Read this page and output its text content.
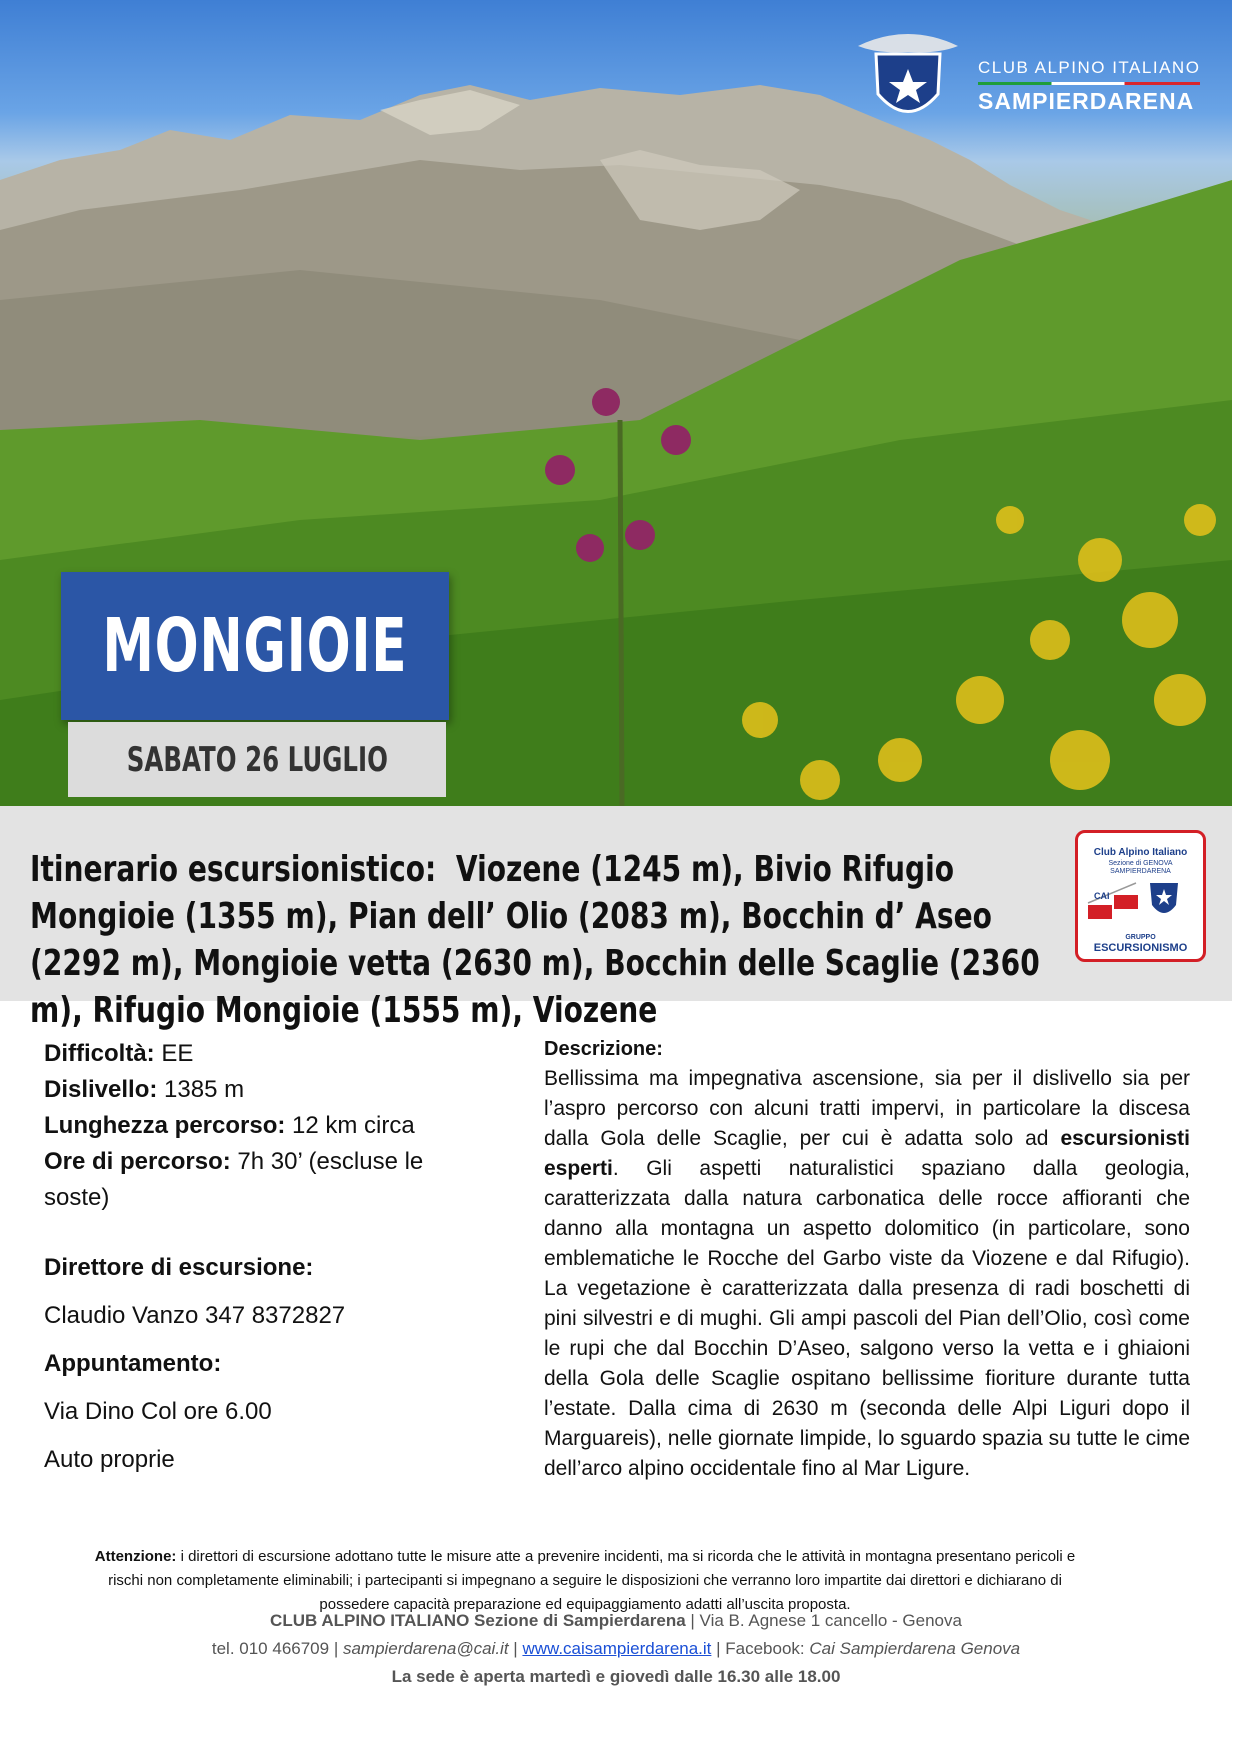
CLUB ALPINO ITALIANO
SAMPIERDARENA
MONGIOIE
SABATO 26 LUGLIO

Itinerario escursionistico: Viozene (1245 m), Bivio Rifugio Mongioie (1355 m), Pian dell’ Olio (2083 m), Bocchin d’ Aseo (2292 m), Mongioie vetta (2630 m), Bocchin delle Scaglie (2360 m), Rifugio Mongioie (1555 m), Viozene

Club Alpino Italiano
Sezione di GENOVA
SAMPIERDARENA
CAI
GRUPPO
ESCURSIONISMO
Difficoltà: EE
Dislivello: 1385 m
Lunghezza percorso: 12 km circa
Ore di percorso: 7h 30’ (escluse le soste)
Direttore di escursione:
Claudio Vanzo 347 8372827
Appuntamento:
Via Dino Col ore 6.00
Auto proprie

Descrizione:

Bellissima ma impegnativa ascensione, sia per il dislivello sia per l’aspro percorso con alcuni tratti impervi, in particolare la discesa dalla Gola delle Scaglie, per cui è adatta solo ad escursionisti esperti. Gli aspetti naturalistici spaziano dalla geologia, caratterizzata dalla natura carbonatica delle rocce affioranti che danno alla montagna un aspetto dolomitico (in particolare, sono emblematiche le Rocche del Garbo viste da Viozene e dal Rifugio). La vegetazione è caratterizzata dalla presenza di radi boschetti di pini silvestri e di mughi. Gli ampi pascoli del Pian dell’Olio, così come le rupi che dal Bocchin D’Aseo, salgono verso la vetta e i ghiaioni della Gola delle Scaglie ospitano bellissime fioriture durante tutta l’estate. Dalla cima di 2630 m (seconda delle Alpi Liguri dopo il Marguareis), nelle giornate limpide, lo sguardo spazia su tutte le cime dell’arco alpino occidentale fino al Mar Ligure.

Attenzione: i direttori di escursione adottano tutte le misure atte a prevenire incidenti, ma si ricorda che le attività in montagna presentano pericoli e rischi non completamente eliminabili; i partecipanti si impegnano a seguire le disposizioni che verranno loro impartite dai direttori e dichiarano di possedere capacità preparazione ed equipaggiamento adatti all’uscita proposta.

CLUB ALPINO ITALIANO Sezione di Sampierdarena | Via B. Agnese 1 cancello - Genova

tel. 010 466709 | sampierdarena@cai.it | www.caisampierdarena.it | Facebook: Cai Sampierdarena Genova

La sede è aperta martedì e giovedì dalle 16.30 alle 18.00
